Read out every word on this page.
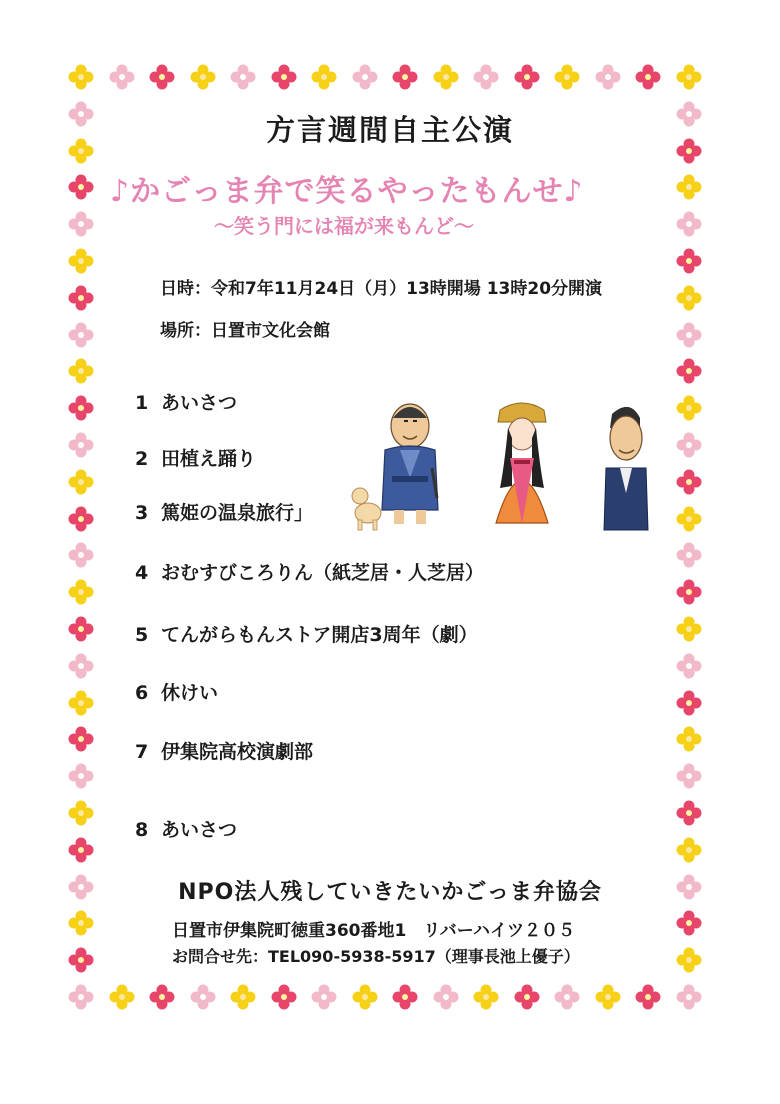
方言週間自主公演
♪かごっま弁で笑るやったもんせ♪
～笑う門には福が来もんど～
日時：令和7年11月24日（月）13時開場 13時20分開演
場所：日置市文化会館
1 あいさつ
2 田植え踊り
3 篤姫の温泉旅行」
4 おむすびころりん（紙芝居・人芝居）
5 てんがらもんストア開店3周年（劇）
6 休けい
7 伊集院高校演劇部
8 あいさつ
NPO法人残していきたいかごっま弁協会
日置市伊集院町徳重360番地1　リバーハイツ２０５
お問合せ先：TEL090-5938-5917（理事長池上優子）
